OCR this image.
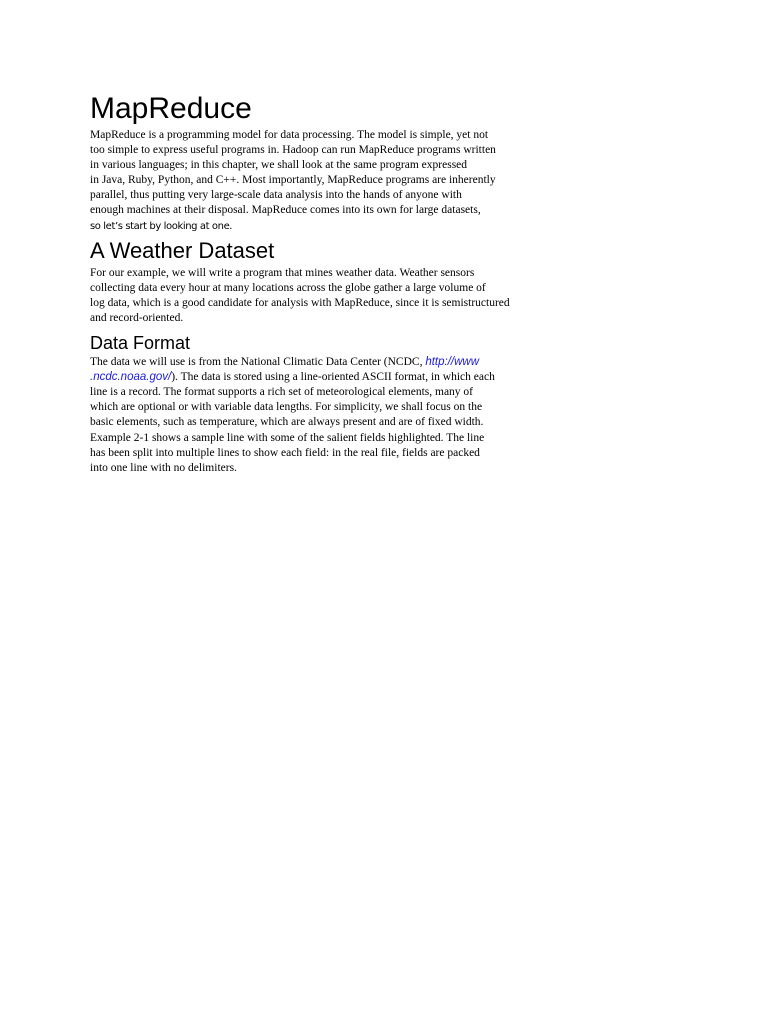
MapReduce

MapReduce is a programming model for data processing. The model is simple, yet not
too simple to express useful programs in. Hadoop can run MapReduce programs written
in various languages; in this chapter, we shall look at the same program expressed
in Java, Ruby, Python, and C++. Most importantly, MapReduce programs are inherently
parallel, thus putting very large-scale data analysis into the hands of anyone with
enough machines at their disposal. MapReduce comes into its own for large datasets,
so let’s start by looking at one.

A Weather Dataset

For our example, we will write a program that mines weather data. Weather sensors
collecting data every hour at many locations across the globe gather a large volume of
log data, which is a good candidate for analysis with MapReduce, since it is semistructured
and record-oriented.

Data Format

The data we will use is from the National Climatic Data Center (NCDC, http://www
.ncdc.noaa.gov/). The data is stored using a line-oriented ASCII format, in which each
line is a record. The format supports a rich set of meteorological elements, many of
which are optional or with variable data lengths. For simplicity, we shall focus on the
basic elements, such as temperature, which are always present and are of fixed width.
Example 2-1 shows a sample line with some of the salient fields highlighted. The line
has been split into multiple lines to show each field: in the real file, fields are packed
into one line with no delimiters.
